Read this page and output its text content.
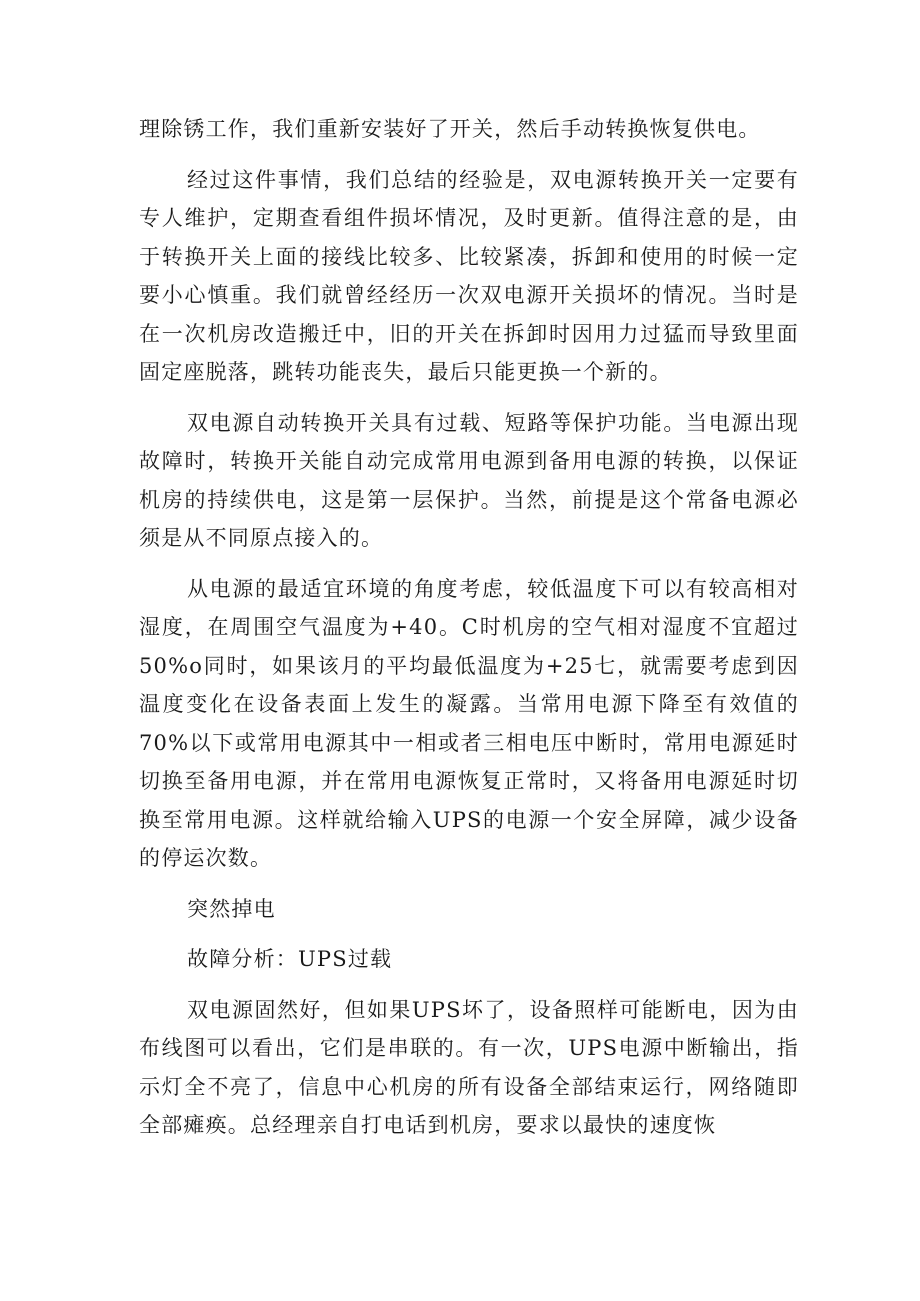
理除锈工作，我们重新安装好了开关，然后手动转换恢复供电。

经过这件事情，我们总结的经验是，双电源转换开关一定要有专人维护，定期查看组件损坏情况，及时更新。值得注意的是，由于转换开关上面的接线比较多、比较紧凑，拆卸和使用的时候一定要小心慎重。我们就曾经经历一次双电源开关损坏的情况。当时是在一次机房改造搬迁中，旧的开关在拆卸时因用力过猛而导致里面固定座脱落，跳转功能丧失，最后只能更换一个新的。

双电源自动转换开关具有过载、短路等保护功能。当电源出现故障时，转换开关能自动完成常用电源到备用电源的转换，以保证机房的持续供电，这是第一层保护。当然，前提是这个常备电源必须是从不同原点接入的。

从电源的最适宜环境的角度考虑，较低温度下可以有较高相对湿度，在周围空气温度为+40。C时机房的空气相对湿度不宜超过50%o同时，如果该月的平均最低温度为+25七，就需要考虑到因温度变化在设备表面上发生的凝露。当常用电源下降至有效值的70%以下或常用电源其中一相或者三相电压中断时，常用电源延时切换至备用电源，并在常用电源恢复正常时，又将备用电源延时切换至常用电源。这样就给输入UPS的电源一个安全屏障，减少设备的停运次数。

突然掉电

故障分析：UPS过载

双电源固然好，但如果UPS坏了，设备照样可能断电，因为由布线图可以看出，它们是串联的。有一次，UPS电源中断输出，指示灯全不亮了，信息中心机房的所有设备全部结束运行，网络随即全部瘫痪。总经理亲自打电话到机房，要求以最快的速度恢
